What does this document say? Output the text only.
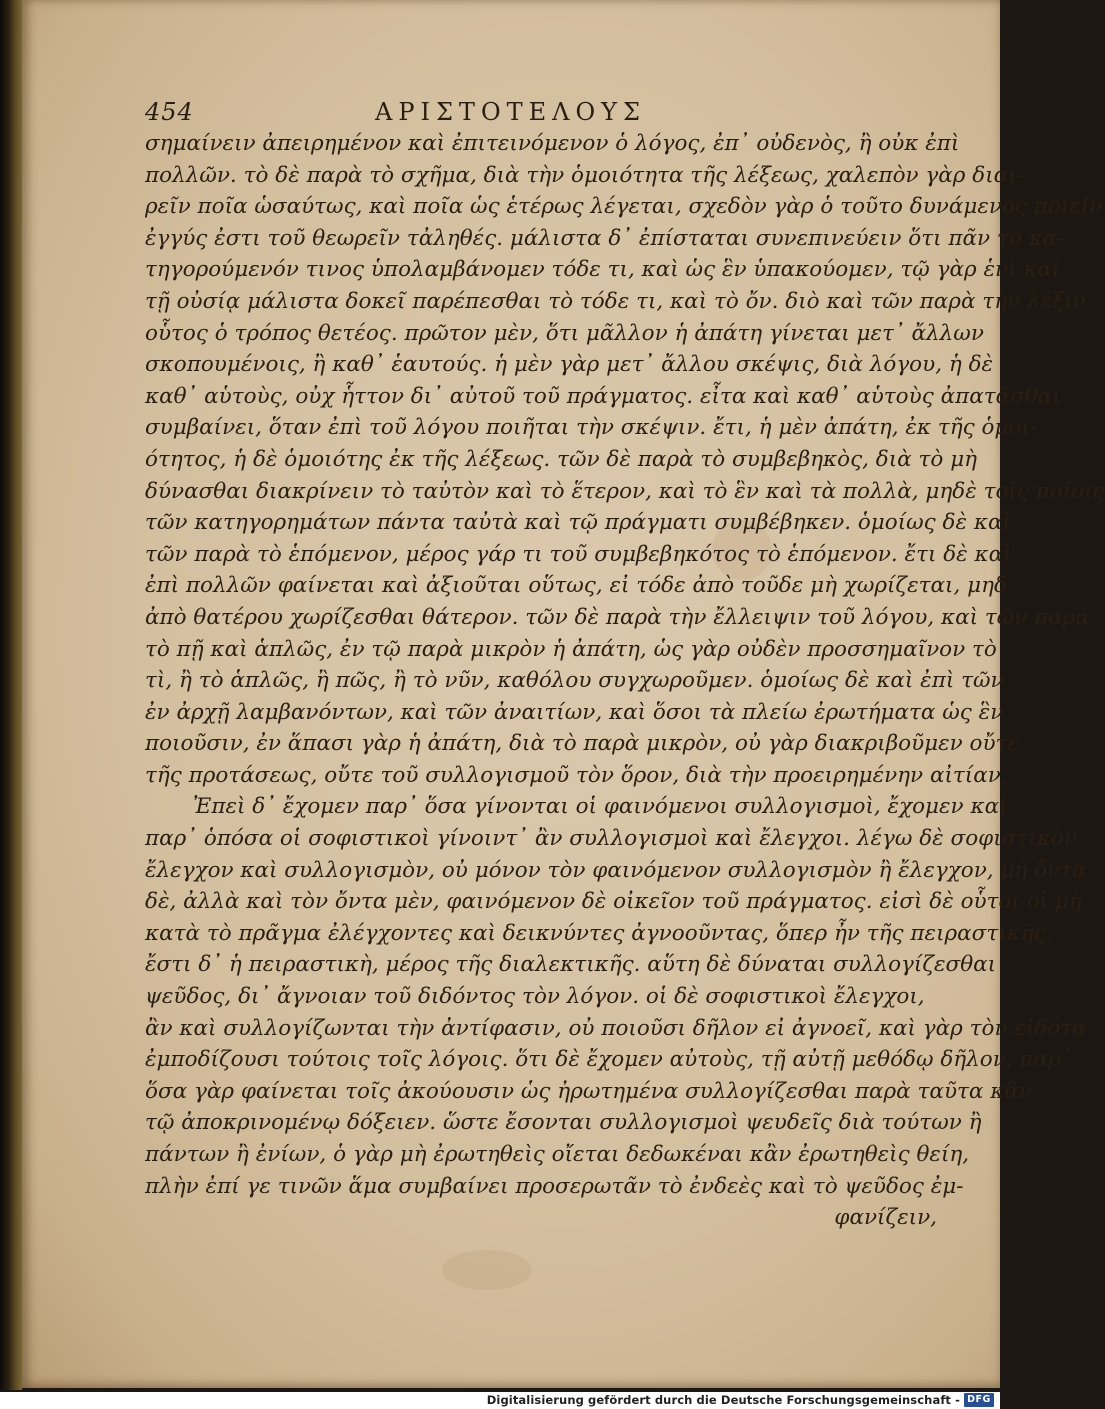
454	ΑΡΙΣΤΟΤΕΛΟΥΣ
σημαίνειν ἀπειρημένον καὶ ἐπιτεινόμενον ὁ λόγος, ἐπ᾽ οὐδενὸς, ἢ οὐκ ἐπὶ
πολλῶν. τὸ δὲ παρὰ τὸ σχῆμα, διὰ τὴν ὁμοιότητα τῆς λέξεως, χαλεπὸν γὰρ διαι-
ρεῖν ποῖα ὡσαύτως, καὶ ποῖα ὡς ἑτέρως λέγεται, σχεδὸν γὰρ ὁ τοῦτο δυνάμενος ποιεῖν
ἐγγύς ἐστι τοῦ θεωρεῖν τἀληθές. μάλιστα δ᾽ ἐπίσταται συνεπινεύειν ὅτι πᾶν τὸ κα-
τηγορούμενόν τινος ὑπολαμβάνομεν τόδε τι, καὶ ὡς ἓν ὑπακούομεν, τῷ γὰρ ἑνὶ καὶ
τῇ οὐσίᾳ μάλιστα δοκεῖ παρέπεσθαι τὸ τόδε τι, καὶ τὸ ὄν. διὸ καὶ τῶν παρὰ τὴν λέξιν
οὗτος ὁ τρόπος θετέος. πρῶτον μὲν, ὅτι μᾶλλον ἡ ἀπάτη γίνεται μετ᾽ ἄλλων
σκοπουμένοις, ἢ καθ᾽ ἑαυτούς. ἡ μὲν γὰρ μετ᾽ ἄλλου σκέψις, διὰ λόγου, ἡ δὲ
καθ᾽ αὑτοὺς, οὐχ ἧττον δι᾽ αὐτοῦ τοῦ πράγματος. εἶτα καὶ καθ᾽ αὑτοὺς ἀπατᾶσθαι
συμβαίνει, ὅταν ἐπὶ τοῦ λόγου ποιῆται τὴν σκέψιν. ἔτι, ἡ μὲν ἀπάτη, ἐκ τῆς ὁμοι-
ότητος, ἡ δὲ ὁμοιότης ἐκ τῆς λέξεως. τῶν δὲ παρὰ τὸ συμβεβηκὸς, διὰ τὸ μὴ
δύνασθαι διακρίνειν τὸ ταὐτὸν καὶ τὸ ἕτερον, καὶ τὸ ἓν καὶ τὰ πολλὰ, μηδὲ τοῖς ποίοις
τῶν κατηγορημάτων πάντα ταὐτὰ καὶ τῷ πράγματι συμβέβηκεν. ὁμοίως δὲ καὶ
τῶν παρὰ τὸ ἑπόμενον, μέρος γάρ τι τοῦ συμβεβηκότος τὸ ἑπόμενον. ἔτι δὲ καὶ
ἐπὶ πολλῶν φαίνεται καὶ ἀξιοῦται οὕτως, εἰ τόδε ἀπὸ τοῦδε μὴ χωρίζεται, μηδ᾽
ἀπὸ θατέρου χωρίζεσθαι θάτερον. τῶν δὲ παρὰ τὴν ἔλλειψιν τοῦ λόγου, καὶ τῶν παρὰ
τὸ πῇ καὶ ἁπλῶς, ἐν τῷ παρὰ μικρὸν ἡ ἀπάτη, ὡς γὰρ οὐδὲν προσσημαῖνον τὸ
τὶ, ἢ τὸ ἁπλῶς, ἢ πῶς, ἢ τὸ νῦν, καθόλου συγχωροῦμεν. ὁμοίως δὲ καὶ ἐπὶ τῶν
ἐν ἀρχῇ λαμβανόντων, καὶ τῶν ἀναιτίων, καὶ ὅσοι τὰ πλείω ἐρωτήματα ὡς ἓν
ποιοῦσιν, ἐν ἅπασι γὰρ ἡ ἀπάτη, διὰ τὸ παρὰ μικρὸν, οὐ γὰρ διακριβοῦμεν οὔτε
τῆς προτάσεως, οὔτε τοῦ συλλογισμοῦ τὸν ὅρον, διὰ τὴν προειρημένην αἰτίαν.
Ἐπεὶ δ᾽ ἔχομεν παρ᾽ ὅσα γίνονται οἱ φαινόμενοι συλλογισμοὶ, ἔχομεν καὶ
παρ᾽ ὁπόσα οἱ σοφιστικοὶ γίνοιντ᾽ ἂν συλλογισμοὶ καὶ ἔλεγχοι. λέγω δὲ σοφιστικὸν
ἔλεγχον καὶ συλλογισμὸν, οὐ μόνον τὸν φαινόμενον συλλογισμὸν ἢ ἔλεγχον, μὴ ὄντα
δὲ, ἀλλὰ καὶ τὸν ὄντα μὲν, φαινόμενον δὲ οἰκεῖον τοῦ πράγματος. εἰσὶ δὲ οὗτοι οἱ μὴ
κατὰ τὸ πρᾶγμα ἐλέγχοντες καὶ δεικνύντες ἀγνοοῦντας, ὅπερ ἦν τῆς πειραστικῆς.
ἔστι δ᾽ ἡ πειραστικὴ, μέρος τῆς διαλεκτικῆς. αὕτη δὲ δύναται συλλογίζεσθαι
ψεῦδος, δι᾽ ἄγνοιαν τοῦ διδόντος τὸν λόγον. οἱ δὲ σοφιστικοὶ ἔλεγχοι,
ἂν καὶ συλλογίζωνται τὴν ἀντίφασιν, οὐ ποιοῦσι δῆλον εἰ ἀγνοεῖ, καὶ γὰρ τὸν εἰδότα
ἐμποδίζουσι τούτοις τοῖς λόγοις. ὅτι δὲ ἔχομεν αὐτοὺς, τῇ αὐτῇ μεθόδῳ δῆλον, παρ᾽
ὅσα γὰρ φαίνεται τοῖς ἀκούουσιν ὡς ἠρωτημένα συλλογίζεσθαι παρὰ ταῦτα κἂν
τῷ ἀποκρινομένῳ δόξειεν. ὥστε ἔσονται συλλογισμοὶ ψευδεῖς διὰ τούτων ἢ
πάντων ἢ ἐνίων, ὁ γὰρ μὴ ἐρωτηθεὶς οἴεται δεδωκέναι κἂν ἐρωτηθεὶς θείη,
πλὴν ἐπί γε τινῶν ἅμα συμβαίνει προσερωτᾶν τὸ ἐνδεὲς καὶ τὸ ψεῦδος ἐμ-
φανίζειν,
Digitalisierung gefördert durch die Deutsche Forschungsgemeinschaft - DFG
